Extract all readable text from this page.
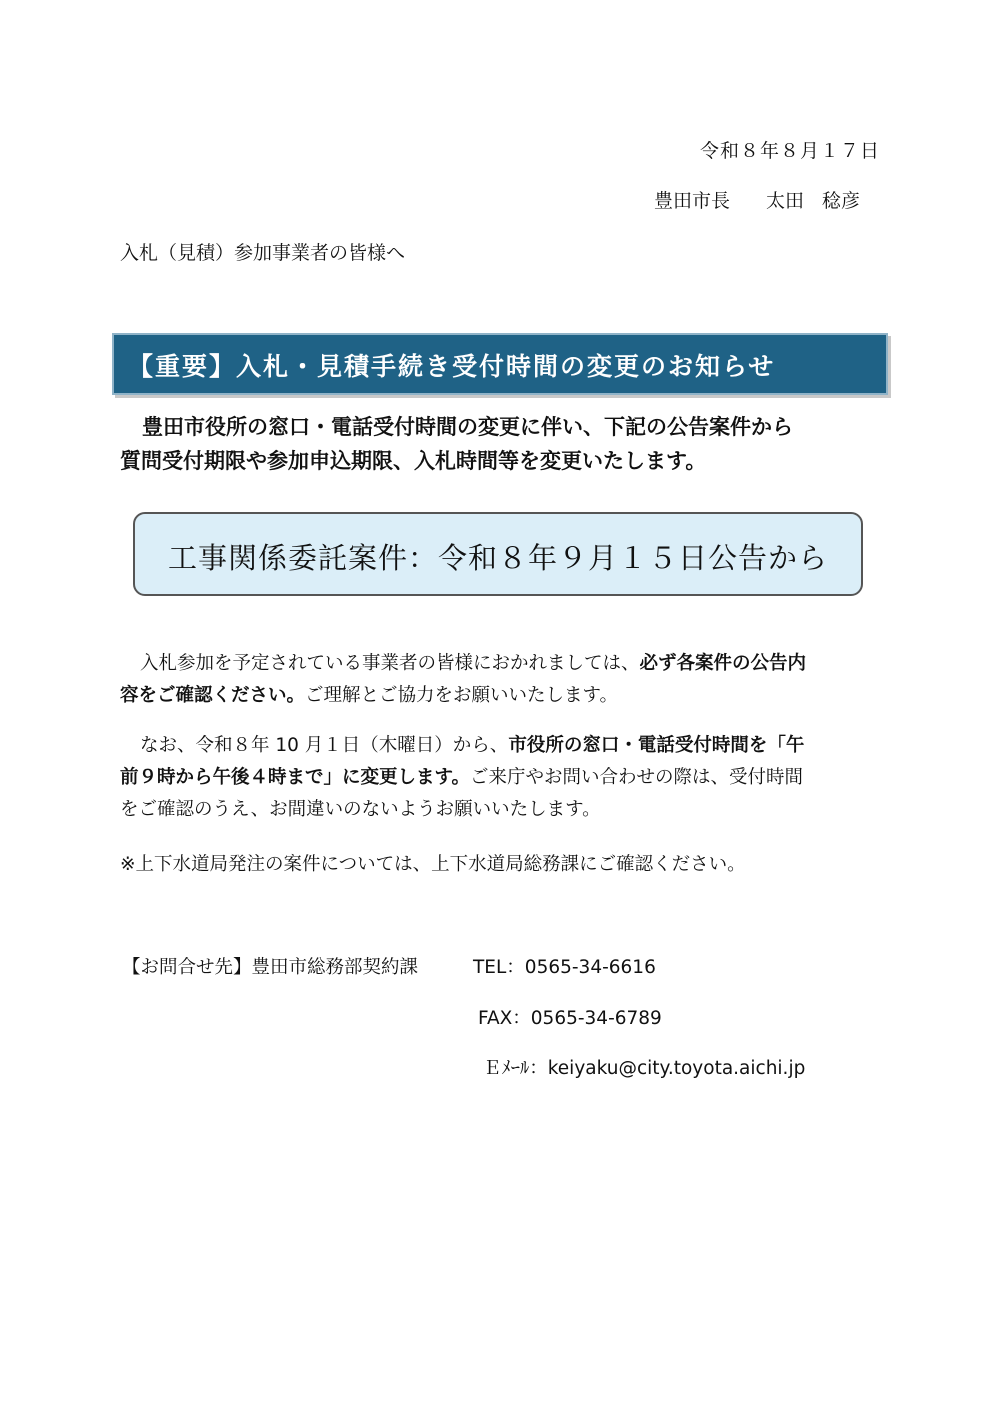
令和８年８月１７日
豊田市長 太田 稔彦
入札（見積）参加事業者の皆様へ
【重要】入札・見積手続き受付時間の変更のお知らせ
豊田市役所の窓口・電話受付時間の変更に伴い、下記の公告案件から
質問受付期限や参加申込期限、入札時間等を変更いたします。
工事関係委託案件：令和８年９月１５日公告から
入札参加を予定されている事業者の皆様におかれましては、必ず各案件の公告内
容をご確認ください。ご理解とご協力をお願いいたします。
なお、令和８年 10 月１日（木曜日）から、市役所の窓口・電話受付時間を「午
前９時から午後４時まで」に変更します。ご来庁やお問い合わせの際は、受付時間
をご確認のうえ、お間違いのないようお願いいたします。
※上下水道局発注の案件については、上下水道局総務課にご確認ください。
【お問合せ先】豊田市総務部契約課	TEL：0565-34-6616
FAX：0565-34-6789
Ｅﾒｰﾙ：keiyaku@city.toyota.aichi.jp
